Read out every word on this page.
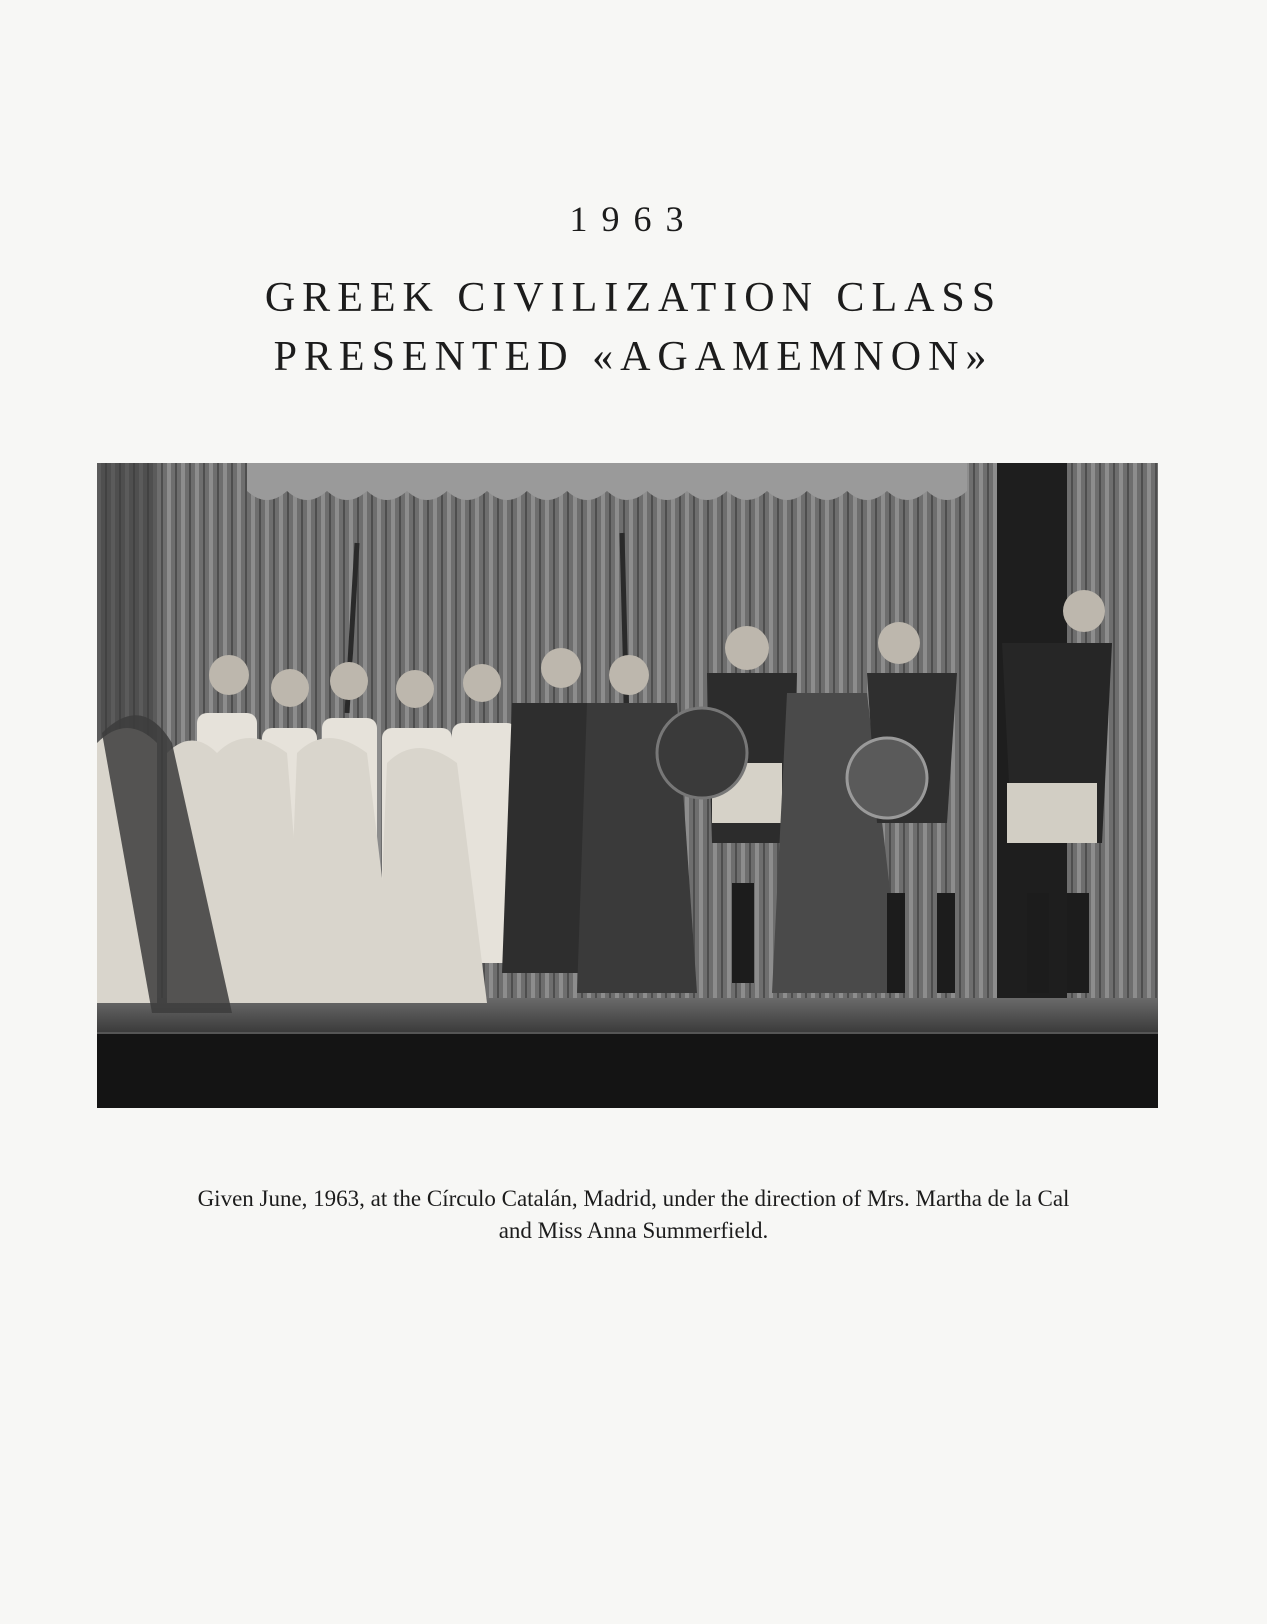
1963
GREEK CIVILIZATION CLASS
PRESENTED «AGAMEMNON»
Given June, 1963, at the Círculo Catalán, Madrid, under the direction of Mrs. Martha de la Cal
and Miss Anna Summerfield.
